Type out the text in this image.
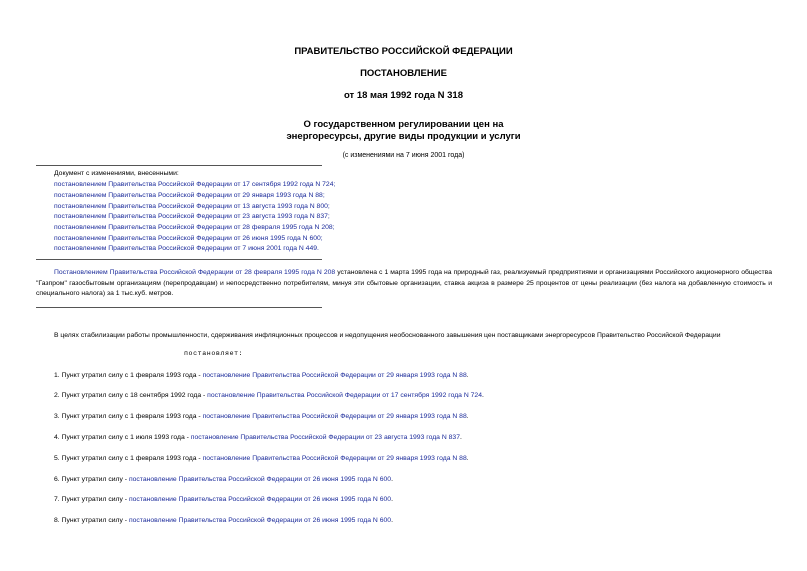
ПРАВИТЕЛЬСТВО РОССИЙСКОЙ ФЕДЕРАЦИИ
ПОСТАНОВЛЕНИЕ
от 18 мая 1992 года N 318
О государственном регулировании цен на
энергоресурсы, другие виды продукции и услуги
(с изменениями на 7 июня 2001 года)
Документ с изменениями, внесенными:
постановлением Правительства Российской Федерации от 17 сентября 1992 года N 724;
постановлением Правительства Российской Федерации от 29 января 1993 года N 88;
постановлением Правительства Российской Федерации от 13 августа 1993 года N 800;
постановлением Правительства Российской Федерации от 23 августа 1993 года N 837;
постановлением Правительства Российской Федерации от 28 февраля 1995 года N 208;
постановлением Правительства Российской Федерации от 26 июня 1995 года N 600;
постановлением Правительства Российской Федерации от 7 июня 2001 года N 449.
Постановлением Правительства Российской Федерации от 28 февраля 1995 года N 208 установлена с 1 марта 1995 года на природный газ, реализуемый предприятиями и организациями Российского акционерного общества "Газпром" газосбытовым организациям (перепродавцам) и непосредственно потребителям, минуя эти сбытовые организации, ставка акциза в размере 25 процентов от цены реализации (без налога на добавленную стоимость и специального налога) за 1 тыс.куб. метров.
В целях стабилизации работы промышленности, сдерживания инфляционных процессов и недопущения необоснованного завышения цен поставщиками энергоресурсов Правительство Российской Федерации
постановляет:
1. Пункт утратил силу с 1 февраля 1993 года - постановление Правительства Российской Федерации от 29 января 1993 года N 88.
2. Пункт утратил силу с 18 сентября 1992 года - постановление Правительства Российской Федерации от 17 сентября 1992 года N 724.
3. Пункт утратил силу с 1 февраля 1993 года - постановление Правительства Российской Федерации от 29 января 1993 года N 88.
4. Пункт утратил силу с 1 июля 1993 года - постановление Правительства Российской Федерации от 23 августа 1993 года N 837.
5. Пункт утратил силу с 1 февраля 1993 года - постановление Правительства Российской Федерации от 29 января 1993 года N 88.
6. Пункт утратил силу - постановление Правительства Российской Федерации от 26 июня 1995 года N 600.
7. Пункт утратил силу - постановление Правительства Российской Федерации от 26 июня 1995 года N 600.
8. Пункт утратил силу - постановление Правительства Российской Федерации от 26 июня 1995 года N 600.
